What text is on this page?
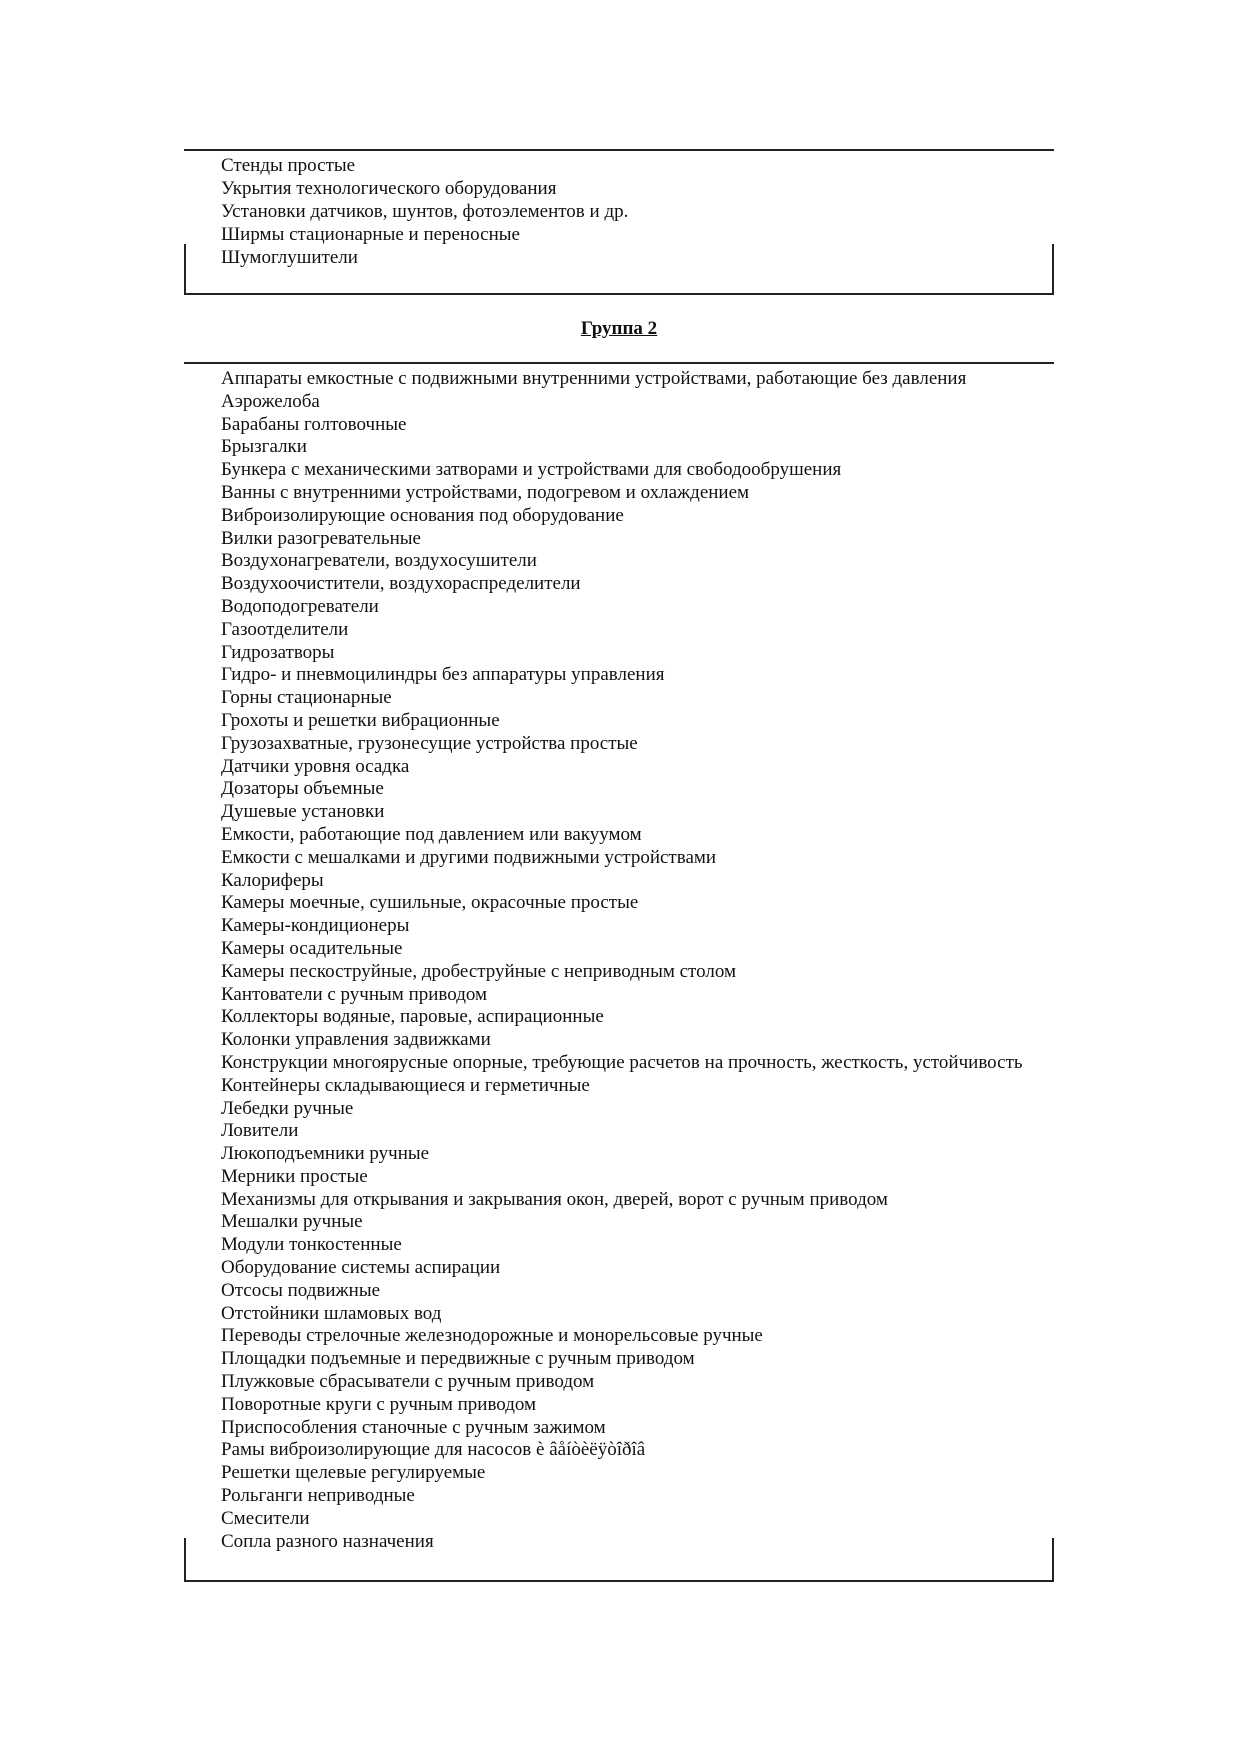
Стенды простые

Укрытия технологического оборудования

Установки датчиков, шунтов, фотоэлементов и др.

Ширмы стационарные и переносные

Шумоглушители

Группа 2

Аппараты емкостные с подвижными внутренними устройствами, работающие без давления

Аэрожелоба

Барабаны голтовочные

Брызгалки

Бункера с механическими затворами и устройствами для свободообрушения

Ванны с внутренними устройствами, подогревом и охлаждением

Виброизолирующие основания под оборудование

Вилки разогревательные

Воздухонагреватели, воздухосушители

Воздухоочистители, воздухораспределители

Водоподогреватели

Газоотделители

Гидрозатворы

Гидро- и пневмоцилиндры без аппаратуры управления

Горны стационарные

Грохоты и решетки вибрационные

Грузозахватные, грузонесущие устройства простые

Датчики уровня осадка

Дозаторы объемные

Душевые установки

Емкости, работающие под давлением или вакуумом

Емкости с мешалками и другими подвижными устройствами

Калориферы

Камеры моечные, сушильные, окрасочные простые

Камеры-кондиционеры

Камеры осадительные

Камеры пескоструйные, дробеструйные с неприводным столом

Кантователи с ручным приводом

Коллекторы водяные, паровые, аспирационные

Колонки управления задвижками

Конструкции многоярусные опорные, требующие расчетов на прочность, жесткость, устойчивость

Контейнеры складывающиеся и герметичные

Лебедки ручные

Ловители

Люкоподъемники ручные

Мерники простые

Механизмы для открывания и закрывания окон, дверей, ворот с ручным приводом

Мешалки ручные

Модули тонкостенные

Оборудование системы аспирации

Отсосы подвижные

Отстойники шламовых вод

Переводы стрелочные железнодорожные и монорельсовые ручные

Площадки подъемные и передвижные с ручным приводом

Плужковые сбрасыватели с ручным приводом

Поворотные круги с ручным приводом

Приспособления станочные с ручным зажимом

Рамы виброизолирующие для насосов è âåíòèëÿòîðîâ

Решетки щелевые регулируемые

Рольганги неприводные

Смесители

Сопла разного назначения
